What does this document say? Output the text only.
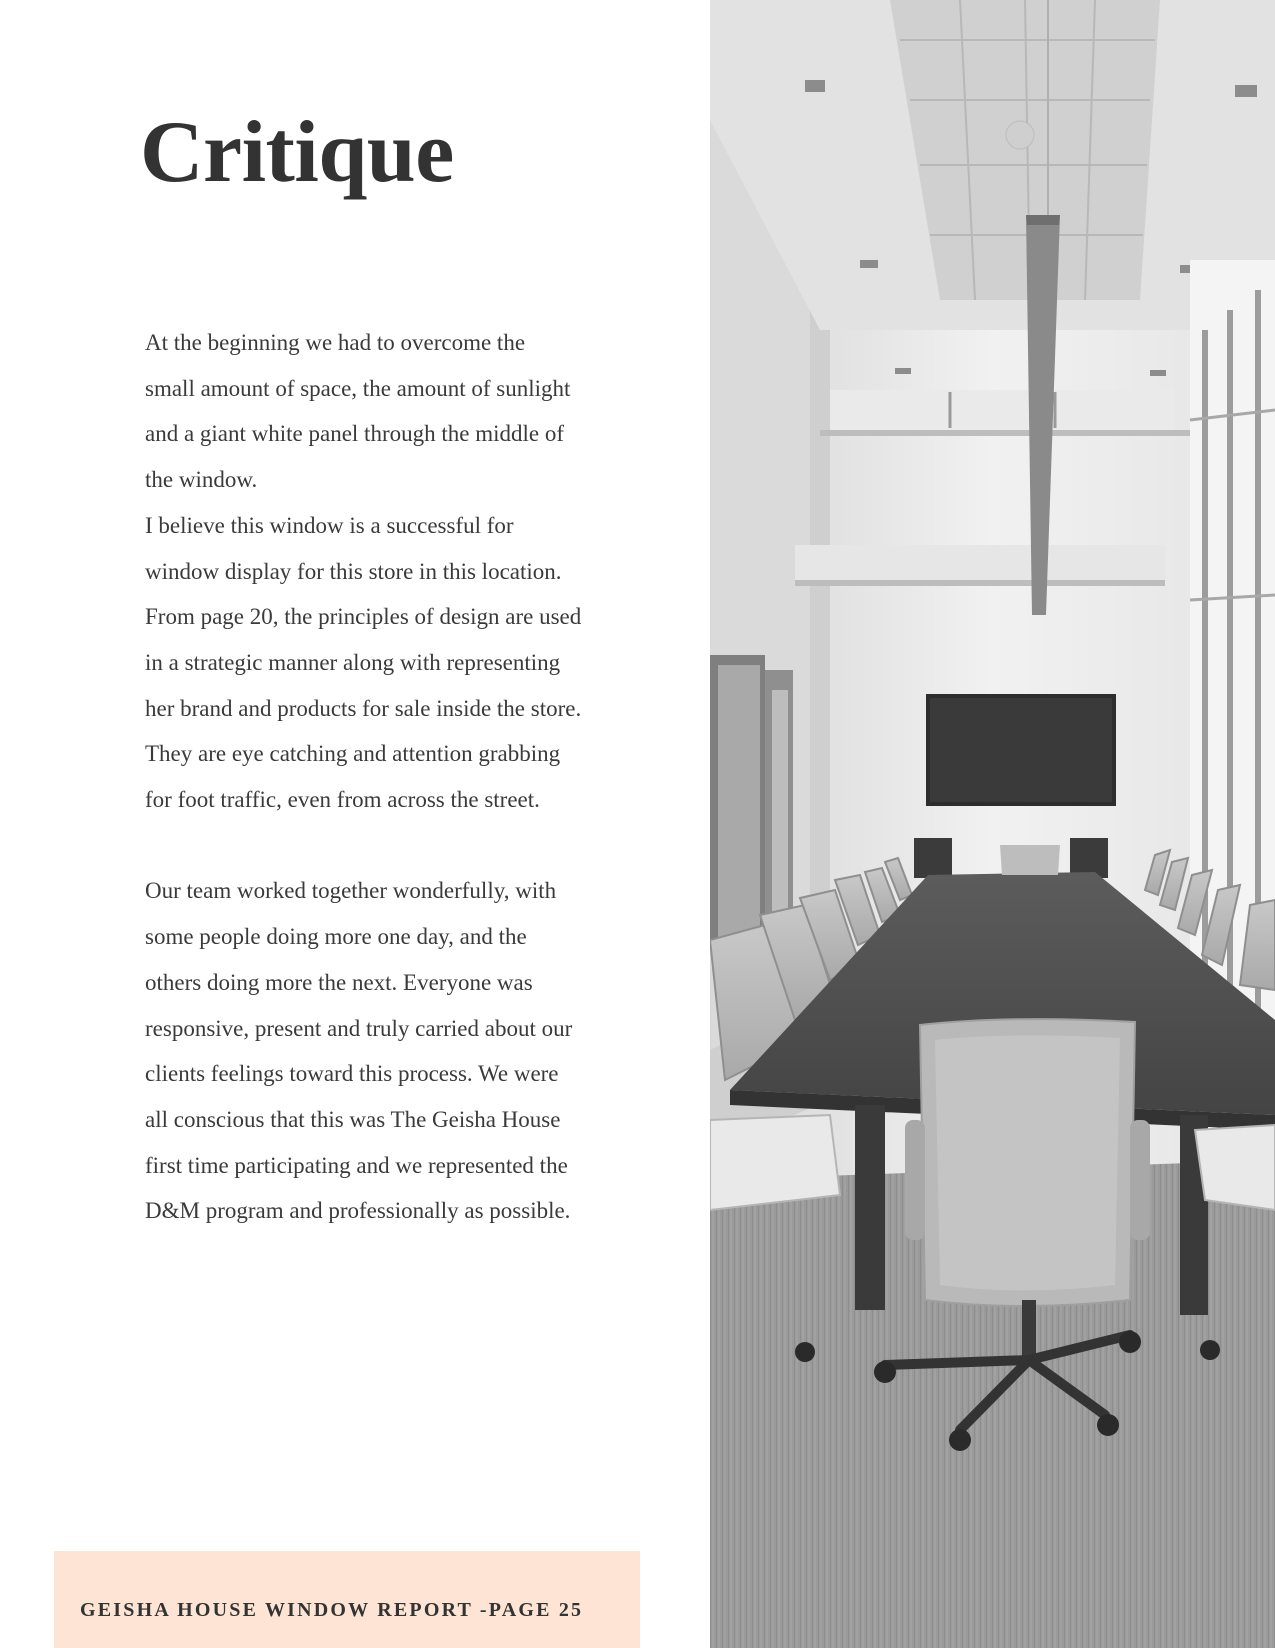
Critique

At the beginning we had to overcome the

small amount of space, the amount of sunlight

and a giant white panel through the middle of

the window.

I believe this window is a successful for

window display for this store in this location.

From page 20, the principles of design are used

in a strategic manner along with representing

her brand and products for sale inside the store.

They are eye catching and attention grabbing

for foot traffic, even from across the street.

Our team worked together wonderfully, with

some people doing more one day, and the

others doing more the next. Everyone was

responsive, present and truly carried about our

clients feelings toward this process. We were

all conscious that this was The Geisha House

first time participating and we represented the

D&M program and professionally as possible.

GEISHA HOUSE WINDOW REPORT -PAGE 25
